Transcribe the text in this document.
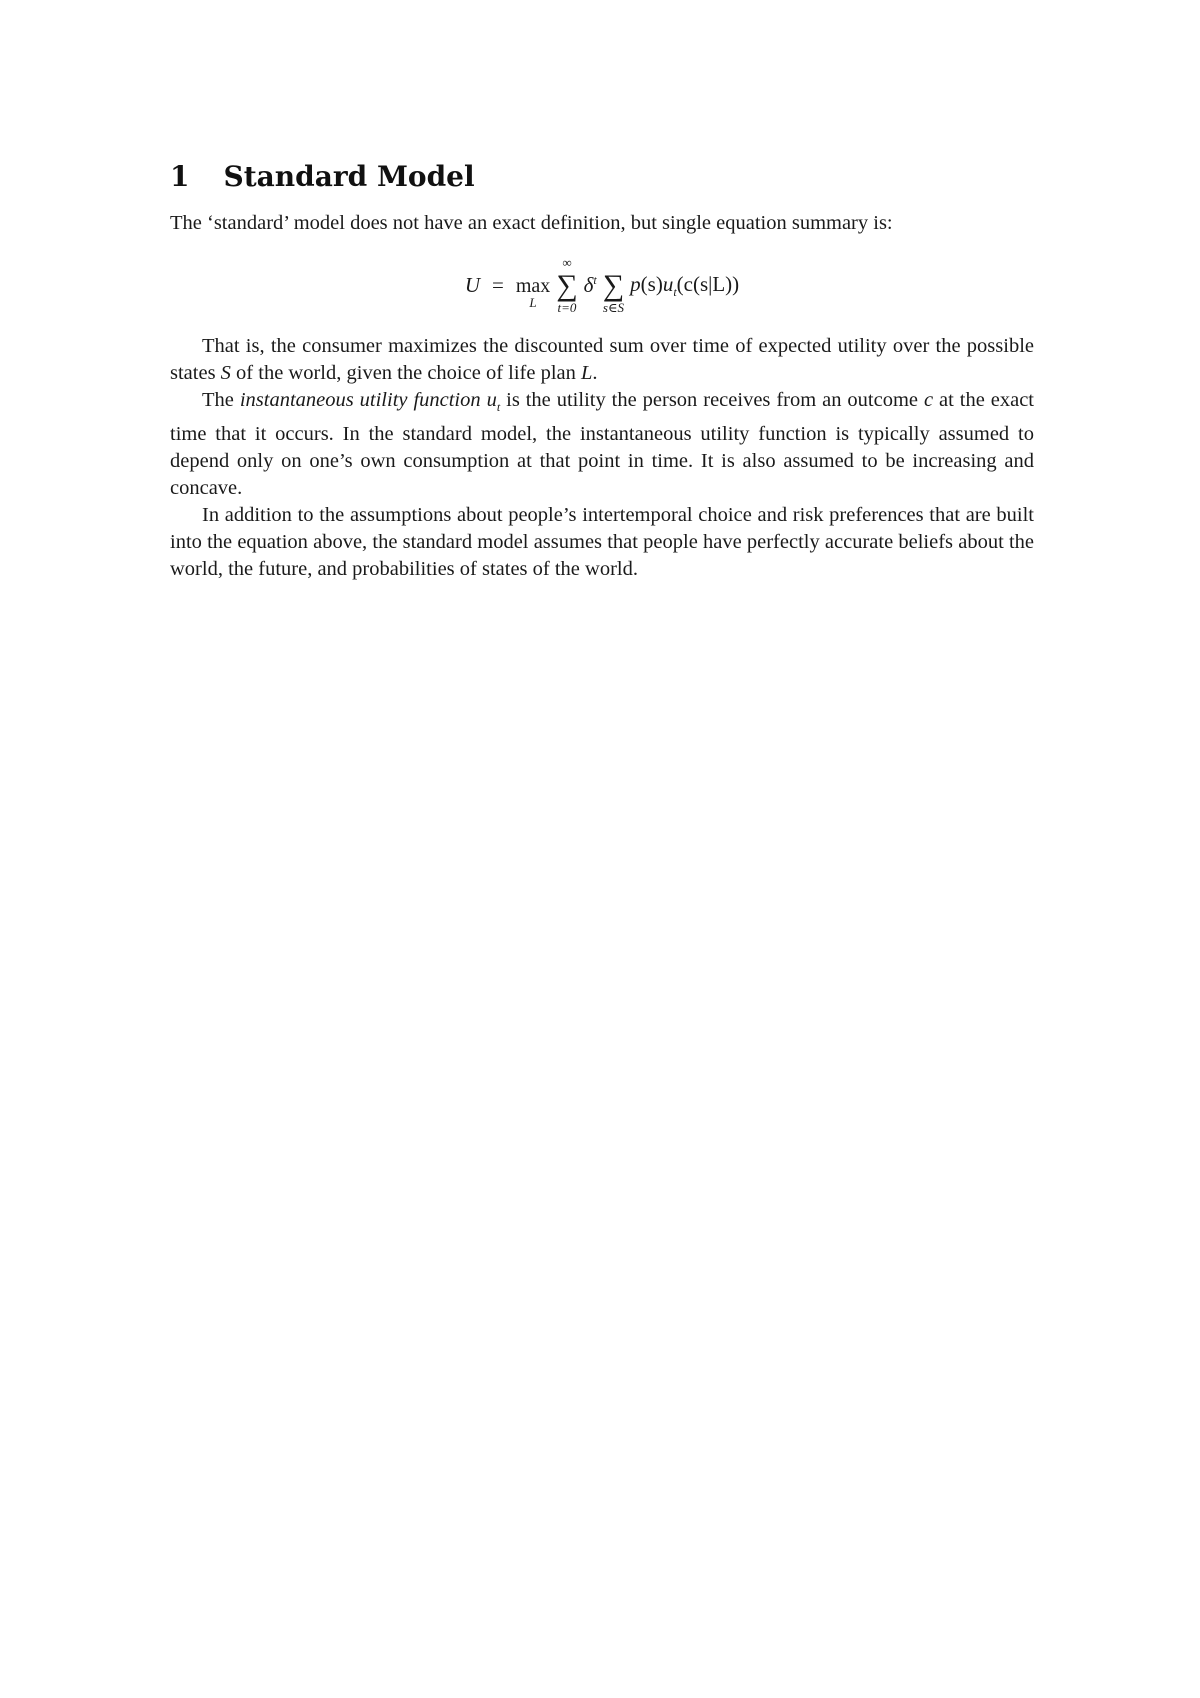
1 Standard Model

The ‘standard’ model does not have an exact definition, but single equation summary is:

U = max
L
∞
∑
t=0
$\delta^t$ ∑
s∈S
$p(s)u_t(c(s|L))$

That is, the consumer maximizes the discounted sum over time of expected utility over the possible states S of the world, given the choice of life plan L.

The instantaneous utility function $u_t$ is the utility the person receives from an outcome c at the exact time that it occurs. In the standard model, the instantaneous utility function is typically assumed to depend only on one’s own consumption at that point in time. It is also assumed to be increasing and concave.

In addition to the assumptions about people’s intertemporal choice and risk preferences that are built into the equation above, the standard model assumes that people have perfectly accurate beliefs about the world, the future, and probabilities of states of the world.
